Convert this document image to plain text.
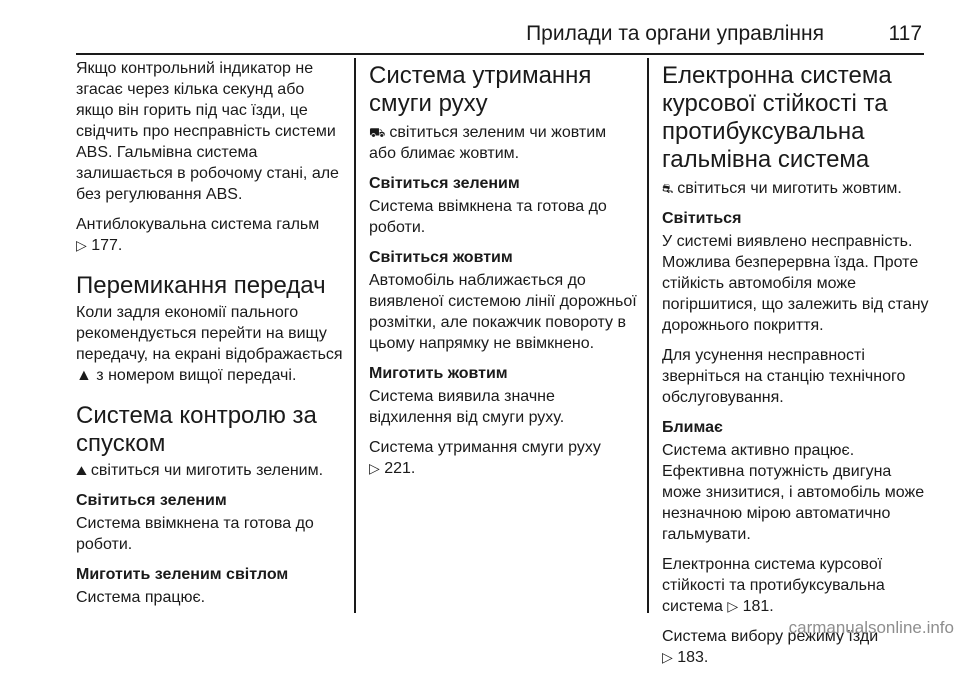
Прилади та органи управління	117

Якщо контрольний індикатор не згасає через кілька секунд або якщо він горить під час їзди, це свідчить про несправність системи ABS. Гальмівна система залишається в робочому стані, але без регулювання ABS.

Антиблокувальна система гальм
▷ 177.

Перемикання передач

Коли задля економії пального рекомендується перейти на вищу передачу, на екрані відображається ▲ з номером вищої передачі.

Система контролю за спуском

⛰ світиться чи миготить зеленим.

Світиться зеленим

Система ввімкнена та готова до роботи.

Миготить зеленим світлом

Система працює.

Система утримання смуги руху

⛟ світиться зеленим чи жовтим або блимає жовтим.

Світиться зеленим

Система ввімкнена та готова до роботи.

Світиться жовтим

Автомобіль наближається до виявленої системою лінії дорожньої розмітки, але покажчик повороту в цьому напрямку не ввімкнено.

Миготить жовтим

Система виявила значне відхилення від смуги руху.

Система утримання смуги руху
▷ 221.

Електронна система курсової стійкості та протибуксувальна гальмівна система

⛐ світиться чи миготить жовтим.

Світиться

У системі виявлено несправність. Можлива безперервна їзда. Проте стійкість автомобіля може погіршитися, що залежить від стану дорожнього покриття.

Для усунення несправності зверніться на станцію технічного обслуговування.

Блимає

Система активно працює. Ефективна потужність двигуна може знизитися, і автомобіль може незначною мірою автоматично гальмувати.

Електронна система курсової стійкості та протибуксувальна система ▷ 181.

Система вибору режиму їзди
▷ 183.

carmanualsonline.info
